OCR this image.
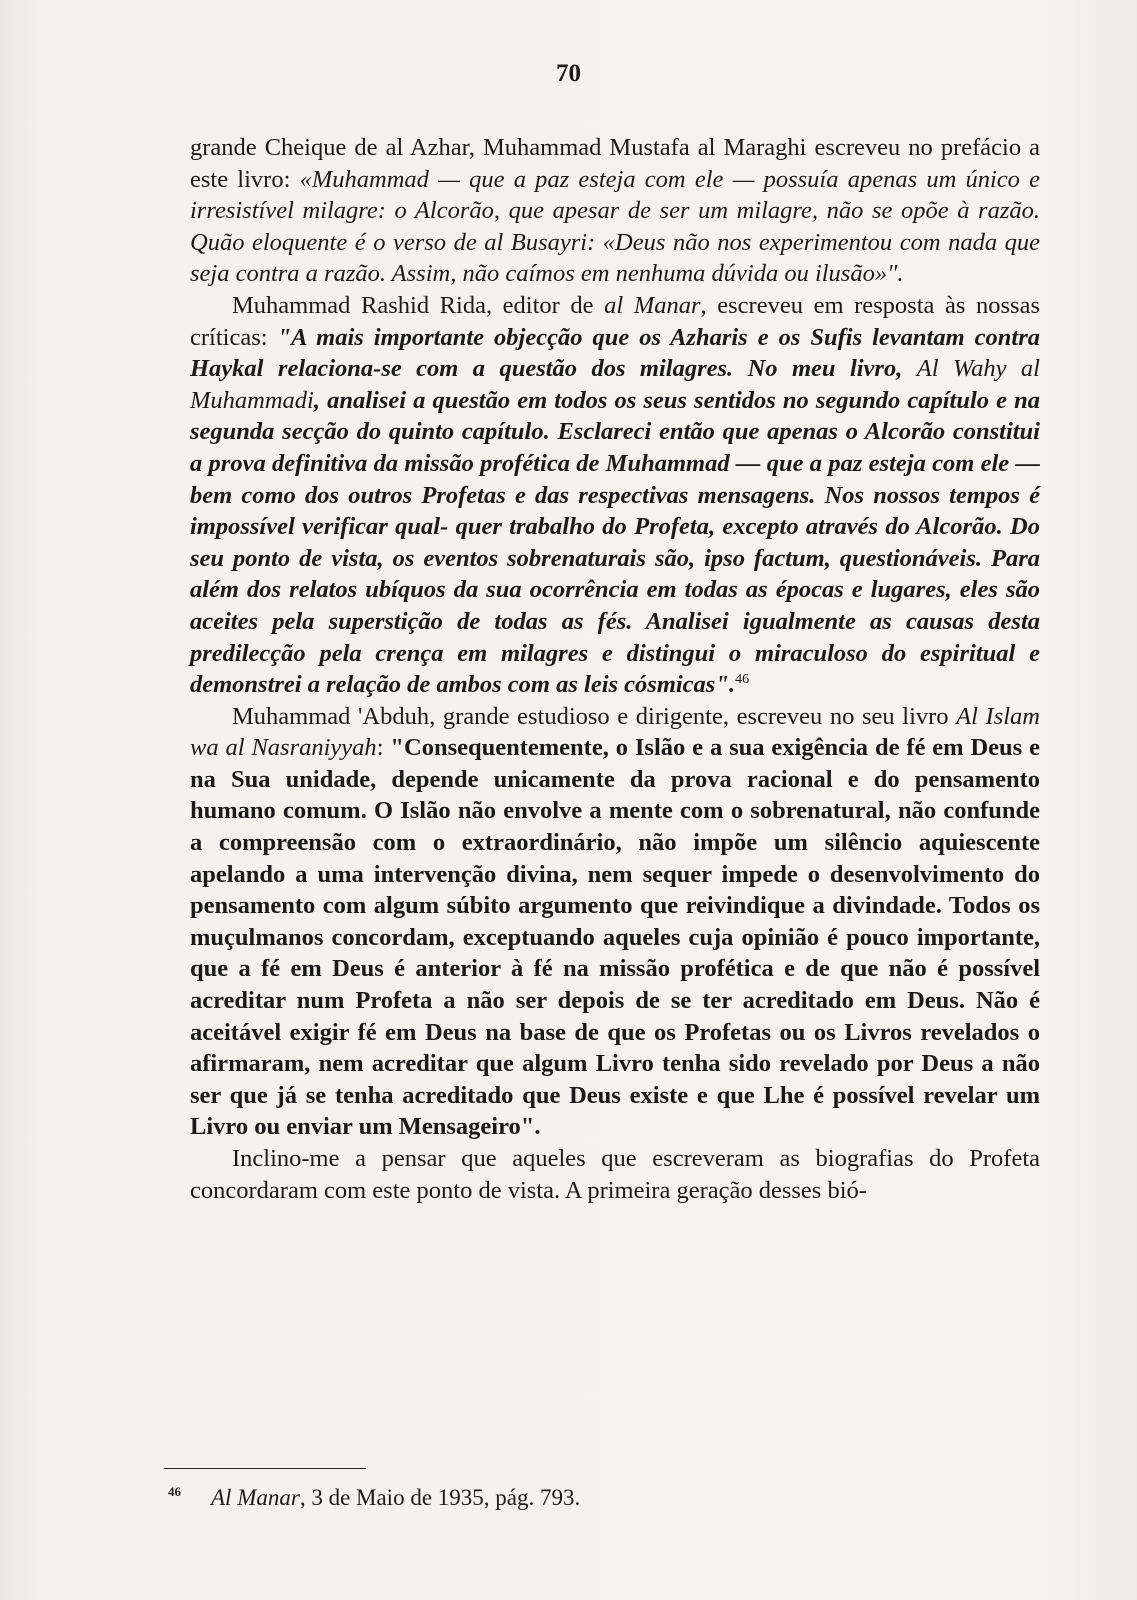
70

grande Cheique de al Azhar, Muhammad Mustafa al Maraghi escreveu no prefácio a este livro: «Muhammad — que a paz esteja com ele — possuía apenas um único e irresistível milagre: o Alcorão, que apesar de ser um milagre, não se opõe à razão. Quão eloquente é o verso de al Busayri: «Deus não nos experimentou com nada que seja contra a razão. Assim, não caímos em nenhuma dúvida ou ilusão»".

Muhammad Rashid Rida, editor de al Manar, escreveu em resposta às nossas críticas: "A mais importante objecção que os Azharis e os Sufis levantam contra Haykal relaciona-se com a questão dos milagres. No meu livro, Al Wahy al Muhammadi, analisei a questão em todos os seus sentidos no segundo capítulo e na segunda secção do quinto capítulo. Esclareci então que apenas o Alcorão constitui a prova definitiva da missão profética de Muhammad — que a paz esteja com ele — bem como dos outros Profetas e das respectivas mensagens. Nos nossos tempos é impossível verificar qual- quer trabalho do Profeta, excepto através do Alcorão. Do seu ponto de vista, os eventos sobrenaturais são, ipso factum, questionáveis. Para além dos relatos ubíquos da sua ocorrência em todas as épocas e lugares, eles são aceites pela superstição de todas as fés. Analisei igualmente as causas desta predilecção pela crença em milagres e distingui o miraculoso do espiritual e demonstrei a relação de ambos com as leis cósmicas".$^{46}$

Muhammad 'Abduh, grande estudioso e dirigente, escreveu no seu livro Al Islam wa al Nasraniyyah: "Consequentemente, o Islão e a sua exigência de fé em Deus e na Sua unidade, depende unicamente da prova racional e do pensamento humano comum. O Islão não envolve a mente com o sobrenatural, não confunde a compreensão com o extraordinário, não impõe um silêncio aquiescente apelando a uma intervenção divina, nem sequer impede o desenvolvimento do pensamento com algum súbito argumento que reivindique a divindade. Todos os muçulmanos concordam, exceptuando aqueles cuja opinião é pouco importante, que a fé em Deus é anterior à fé na missão profética e de que não é possível acreditar num Profeta a não ser depois de se ter acreditado em Deus. Não é aceitável exigir fé em Deus na base de que os Profetas ou os Livros revelados o afirmaram, nem acreditar que algum Livro tenha sido revelado por Deus a não ser que já se tenha acreditado que Deus existe e que Lhe é possível revelar um Livro ou enviar um Mensageiro".

Inclino-me a pensar que aqueles que escreveram as biografias do Profeta concordaram com este ponto de vista. A primeira geração desses bió-

$^{46}$ Al Manar, 3 de Maio de 1935, pág. 793.
